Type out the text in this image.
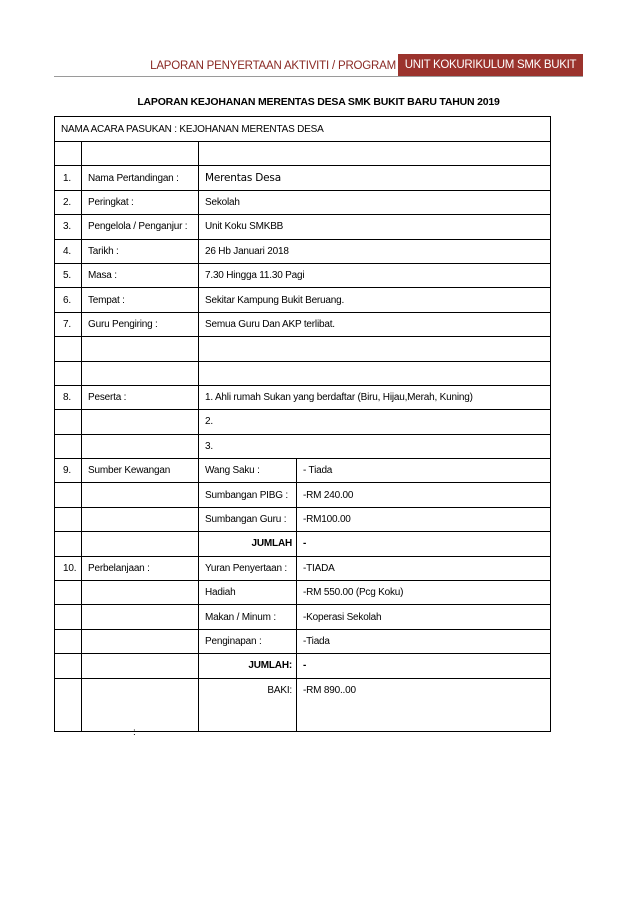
LAPORAN PENYERTAAN AKTIVITI / PROGRAM UNIT KOKURIKULUM SMK BUKIT BARU
LAPORAN KEJOHANAN MERENTAS DESA SMK BUKIT BARU TAHUN 2019
NAMA ACARA PASUKAN : KEJOHANAN MERENTAS DESA			

1.	Nama Pertandingan :	Merentas Desa	
2.	Peringkat :	Sekolah	
3.	Pengelola / Penganjur :	Unit Koku SMKBB	
4.	Tarikh :	26 Hb Januari 2018	
5.	Masa :	7.30 Hingga 11.30 Pagi	
6.	Tempat :	Sekitar Kampung Bukit Beruang.	
7.	Guru Pengiring :	Semua Guru Dan AKP terlibat.	

8.	Peserta :	1. Ahli rumah Sukan yang berdaftar (Biru, Hijau,Merah, Kuning)	
		2.	
		3.	
9.	Sumber Kewangan	Wang Saku :	- Tiada
		Sumbangan PIBG :	-RM 240.00
		Sumbangan Guru :	-RM100.00
		JUMLAH	-
10.	Perbelanjaan :	Yuran Penyertaan :	-TIADA
		Hadiah	-RM 550.00 (Pcg Koku)
		Makan / Minum :	-Koperasi Sekolah
		Penginapan :	-Tiada
		JUMLAH:	-
		BAKI:	-RM 890..00
:
